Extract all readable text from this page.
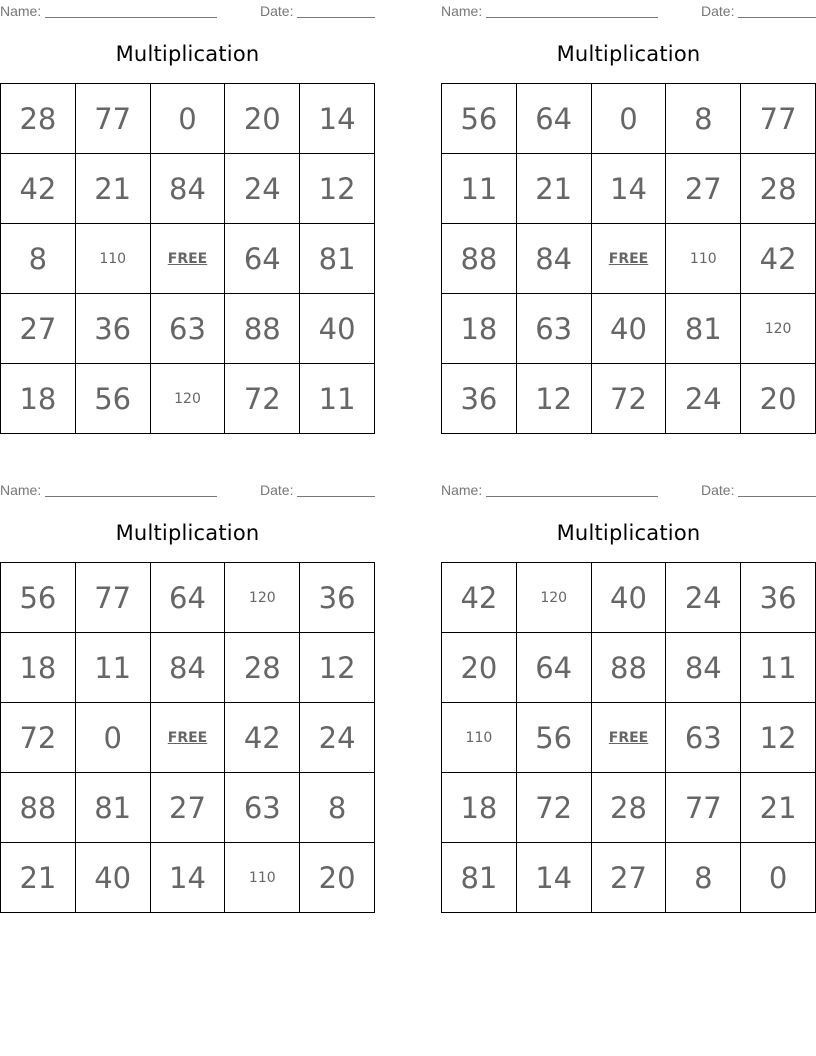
Name:	Date:
Multiplication
28	77	0	20	14
42	21	84	24	12
8	110	FREE	64	81
27	36	63	88	40
18	56	120	72	11
Name:	Date:
Multiplication
56	64	0	8	77
11	21	14	27	28
88	84	FREE	110	42
18	63	40	81	120
36	12	72	24	20
Name:	Date:
Multiplication
56	77	64	120	36
18	11	84	28	12
72	0	FREE	42	24
88	81	27	63	8
21	40	14	110	20
Name:	Date:
Multiplication
42	120	40	24	36
20	64	88	84	11
110	56	FREE	63	12
18	72	28	77	21
81	14	27	8	0
